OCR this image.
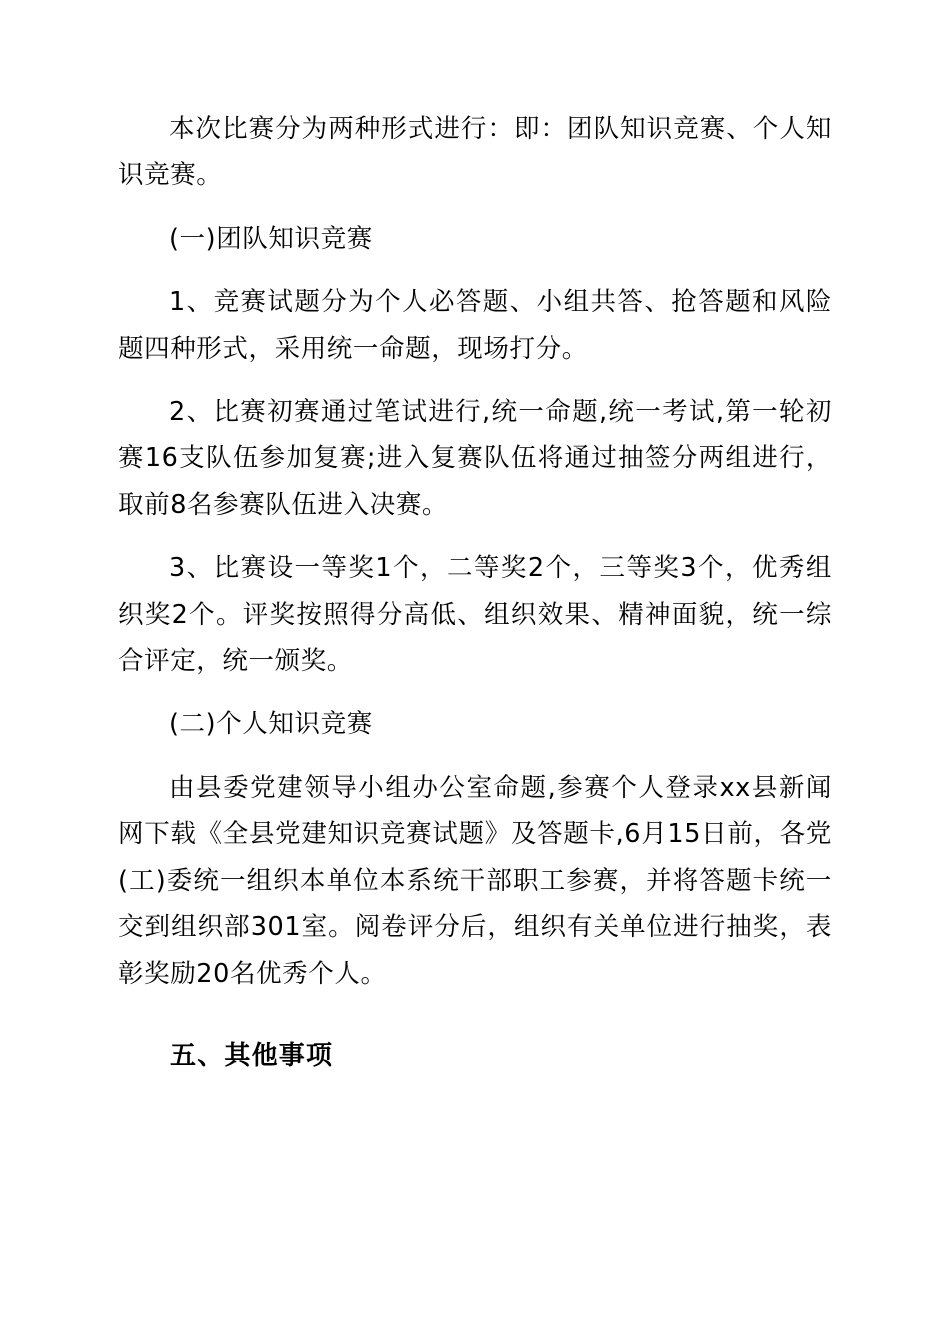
本次比赛分为两种形式进行：即：团队知识竞赛、个人知识竞赛。

(一)团队知识竞赛

1、竞赛试题分为个人必答题、小组共答、抢答题和风险题四种形式，采用统一命题，现场打分。

2、比赛初赛通过笔试进行,统一命题,统一考试,第一轮初赛16支队伍参加复赛;进入复赛队伍将通过抽签分两组进行，取前8名参赛队伍进入决赛。

3、比赛设一等奖1个，二等奖2个，三等奖3个，优秀组织奖2个。评奖按照得分高低、组织效果、精神面貌，统一综合评定，统一颁奖。

(二)个人知识竞赛

由县委党建领导小组办公室命题,参赛个人登录xx县新闻网下载《全县党建知识竞赛试题》及答题卡,6月15日前，各党(工)委统一组织本单位本系统干部职工参赛，并将答题卡统一交到组织部301室。阅卷评分后，组织有关单位进行抽奖，表彰奖励20名优秀个人。

五、其他事项
